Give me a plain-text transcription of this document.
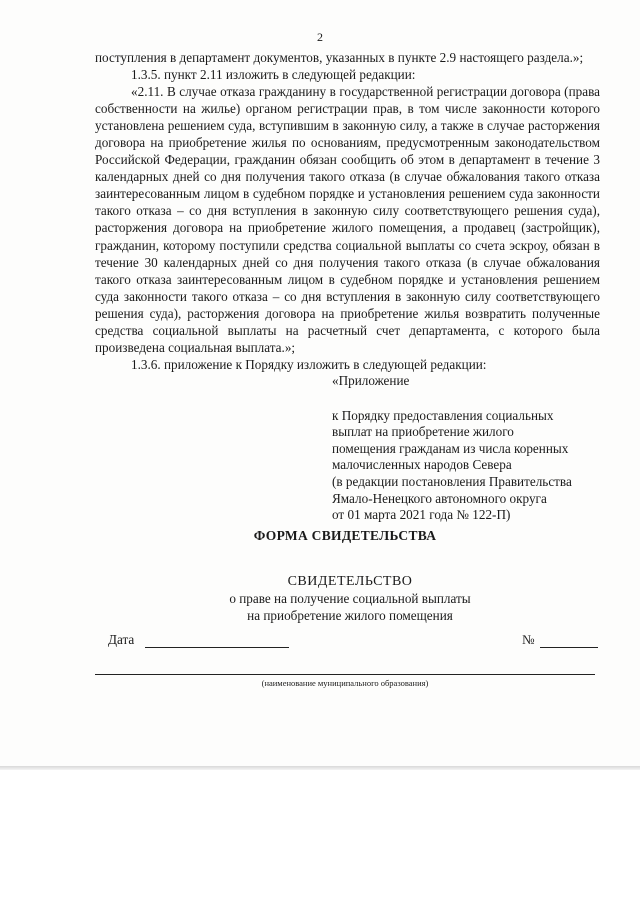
2

поступления в департамент документов, указанных в пункте 2.9 настоящего раздела.»;

1.3.5. пункт 2.11 изложить в следующей редакции:

«2.11. В случае отказа гражданину в государственной регистрации договора (права собственности на жилье) органом регистрации прав, в том числе законности которого установлена решением суда, вступившим в законную силу, а также в случае расторжения договора на приобретение жилья по основаниям, предусмотренным законодательством Российской Федерации, гражданин обязан сообщить об этом в департамент в течение 3 календарных дней со дня получения такого отказа (в случае обжалования такого отказа заинтересованным лицом в судебном порядке и установления решением суда законности такого отказа – со дня вступления в законную силу соответствующего решения суда), расторжения договора на приобретение жилого помещения, а продавец (застройщик), гражданин, которому поступили средства социальной выплаты со счета эскроу, обязан в течение 30 календарных дней со дня получения такого отказа (в случае обжалования такого отказа заинтересованным лицом в судебном порядке и установления решением суда законности такого отказа – со дня вступления в законную силу соответствующего решения суда), расторжения договора на приобретение жилья возвратить полученные средства социальной выплаты на расчетный счет департамента, с которого была произведена социальная выплата.»;

1.3.6. приложение к Порядку изложить в следующей редакции:

«Приложение

к Порядку предоставления социальных

выплат на приобретение жилого

помещения гражданам из числа коренных

малочисленных народов Севера

(в редакции постановления Правительства

Ямало-Ненецкого автономного округа

от 01 марта 2021 года № 122-П)

ФОРМА СВИДЕТЕЛЬСТВА
СВИДЕТЕЛЬСТВО
о праве на получение социальной выплаты
на приобретение жилого помещения
Дата	№
(наименование муниципального образования)
